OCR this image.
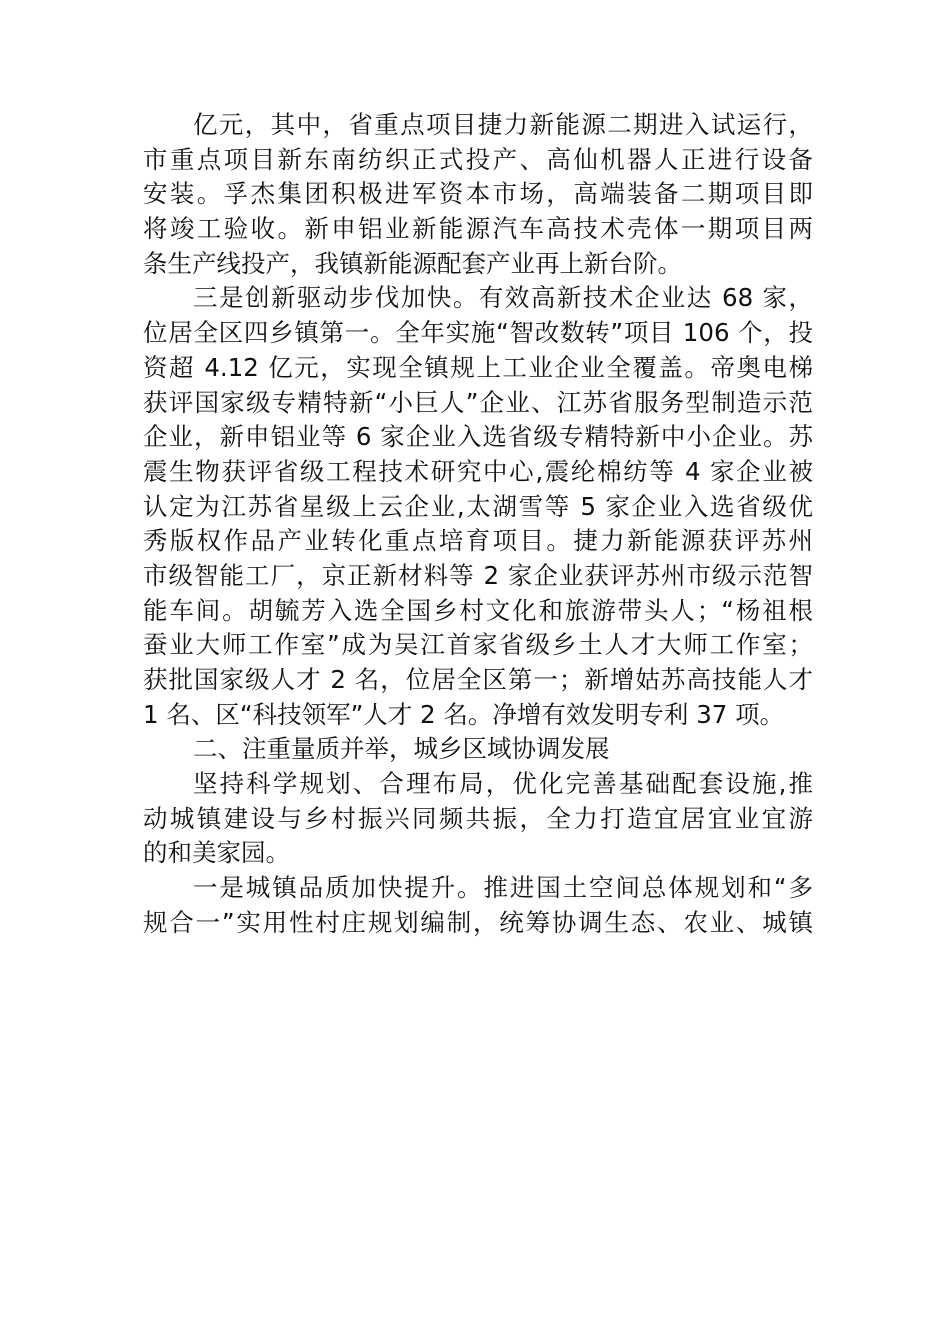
亿元，其中，省重点项目捷力新能源二期进入试运行，
市重点项目新东南纺织正式投产、高仙机器人正进行设备
安装。孚杰集团积极进军资本市场，高端装备二期项目即
将竣工验收。新申铝业新能源汽车高技术壳体一期项目两
条生产线投产，我镇新能源配套产业再上新台阶。
三是创新驱动步伐加快。有效高新技术企业达 68 家，
位居全区四乡镇第一。全年实施“智改数转”项目 106 个，投
资超 4.12 亿元，实现全镇规上工业企业全覆盖。帝奥电梯
获评国家级专精特新“小巨人”企业、江苏省服务型制造示范
企业，新申铝业等 6 家企业入选省级专精特新中小企业。苏
震生物获评省级工程技术研究中心,震纶棉纺等 4 家企业被
认定为江苏省星级上云企业,太湖雪等 5 家企业入选省级优
秀版权作品产业转化重点培育项目。捷力新能源获评苏州
市级智能工厂，京正新材料等 2 家企业获评苏州市级示范智
能车间。胡毓芳入选全国乡村文化和旅游带头人；“杨祖根
蚕业大师工作室”成为吴江首家省级乡土人才大师工作室；
获批国家级人才 2 名，位居全区第一；新增姑苏高技能人才
1 名、区“科技领军”人才 2 名。净增有效发明专利 37 项。
二、注重量质并举，城乡区域协调发展
坚持科学规划、合理布局，优化完善基础配套设施,推
动城镇建设与乡村振兴同频共振，全力打造宜居宜业宜游
的和美家园。
一是城镇品质加快提升。推进国土空间总体规划和“多
规合一”实用性村庄规划编制，统筹协调生态、农业、城镇
